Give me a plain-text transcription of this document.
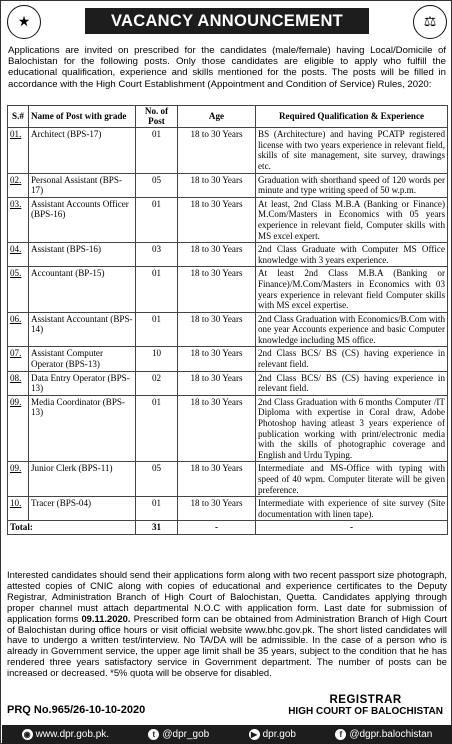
★	VACANCY ANNOUNCEMENT	⚖
Applications are invited on prescribed for the candidates (male/female) having Local/Domicile of Balochistan for the following posts. Only those candidates are eligible to apply who fulfill the educational qualification, experience and skills mentioned for the posts. The posts will be filled in accordance with the High Court Establishment (Appointment and Condition of Service) Rules, 2020:
S.#	Name of Post with grade	No. of Post	Age	Required Qualification & Experience
01.	Architect (BPS-17)	01	18 to 30 Years	BS (Architecture) and having PCATP registered license with two years experience in relevant field, skills of site management, site survey, drawings etc.
02.	Personal Assistant (BPS-17)	05	18 to 30 Years	Graduation with shorthand speed of 120 words per minute and type writing speed of 50 w.p.m.
03.	Assistant Accounts Officer (BPS-16)	01	18 to 30 Years	At least, 2nd Class M.B.A (Banking or Finance) M.Com/Masters in Economics with 05 years experience in relevant field, Computer skills with MS excel expert.
04.	Assistant (BPS-16)	03	18 to 30 Years	2nd Class Graduate with Computer MS Office knowledge with 3 years experience.
05.	Accountant (BP-15)	01	18 to 30 Years	At least 2nd Class M.B.A (Banking or Finance)/M.Com/Masters in Economics with 03 years experience in relevant field Computer skills with MS excel expertise.
06.	Assistant Accountant (BPS-14)	01	18 to 30 Years	2nd Class Graduation with Economics/B.Com with one year Accounts experience and basic Computer knowledge including MS office.
07.	Assistant Computer Operator (BPS-13)	10	18 to 30 Years	2nd Class BCS/ BS (CS) having experience in relevant field.
08.	Data Entry Operator (BPS-13)	02	18 to 30 Years	2nd Class BCS/ BS (CS) having experience in relevant field.
09.	Media Coordinator (BPS-13)	01	18 to 30 Years	2nd Class Graduation with 6 months Computer /IT Diploma with expertise in Coral draw, Adobe Photoshop having atleast 3 years experience of publication working with print/electronic media with the skills of photographic coverage and English and Urdu Typing.
09.	Junior Clerk (BPS-11)	05	18 to 30 Years	Intermediate and MS-Office with typing with speed of 40 wpm. Computer literate will be given preference.
10.	Tracer (BPS-04)	01	18 to 30 Years	Intermediate with experience of site survey (Site documentation with linen tape).
Total:		31	-	-
Interested candidates should send their applications form along with two recent passport size photograph, attested copies of CNIC along with copies of educational and experience certificates to the Deputy Registrar, Administration Branch of High Court of Balochistan, Quetta. Candidates applying through proper channel must attach departmental N.O.C with application form. Last date for submission of application forms 09.11.2020. Prescribed form can be obtained from Administration Branch of High Court of Balochistan during office hours or visit official website www.bhc.gov.pk. The short listed candidates will have to undergo a written test/interview. No TA/DA will be admissible. In the case of a person who is already in Government service, the upper age limit shall be 35 years, subject to the condition that he has rendered three years satisfactory service in Government department. The number of posts can be increased or decreased. *5% quota will be observe for disabled.
PRQ No.965/26-10-10-2020
REGISTRAR
HIGH COURT OF BALOCHISTAN
◉ www.dpr.gob.pk.	t @dpr_gob	▶ dpr.gob	f @dgpr.balochistan
